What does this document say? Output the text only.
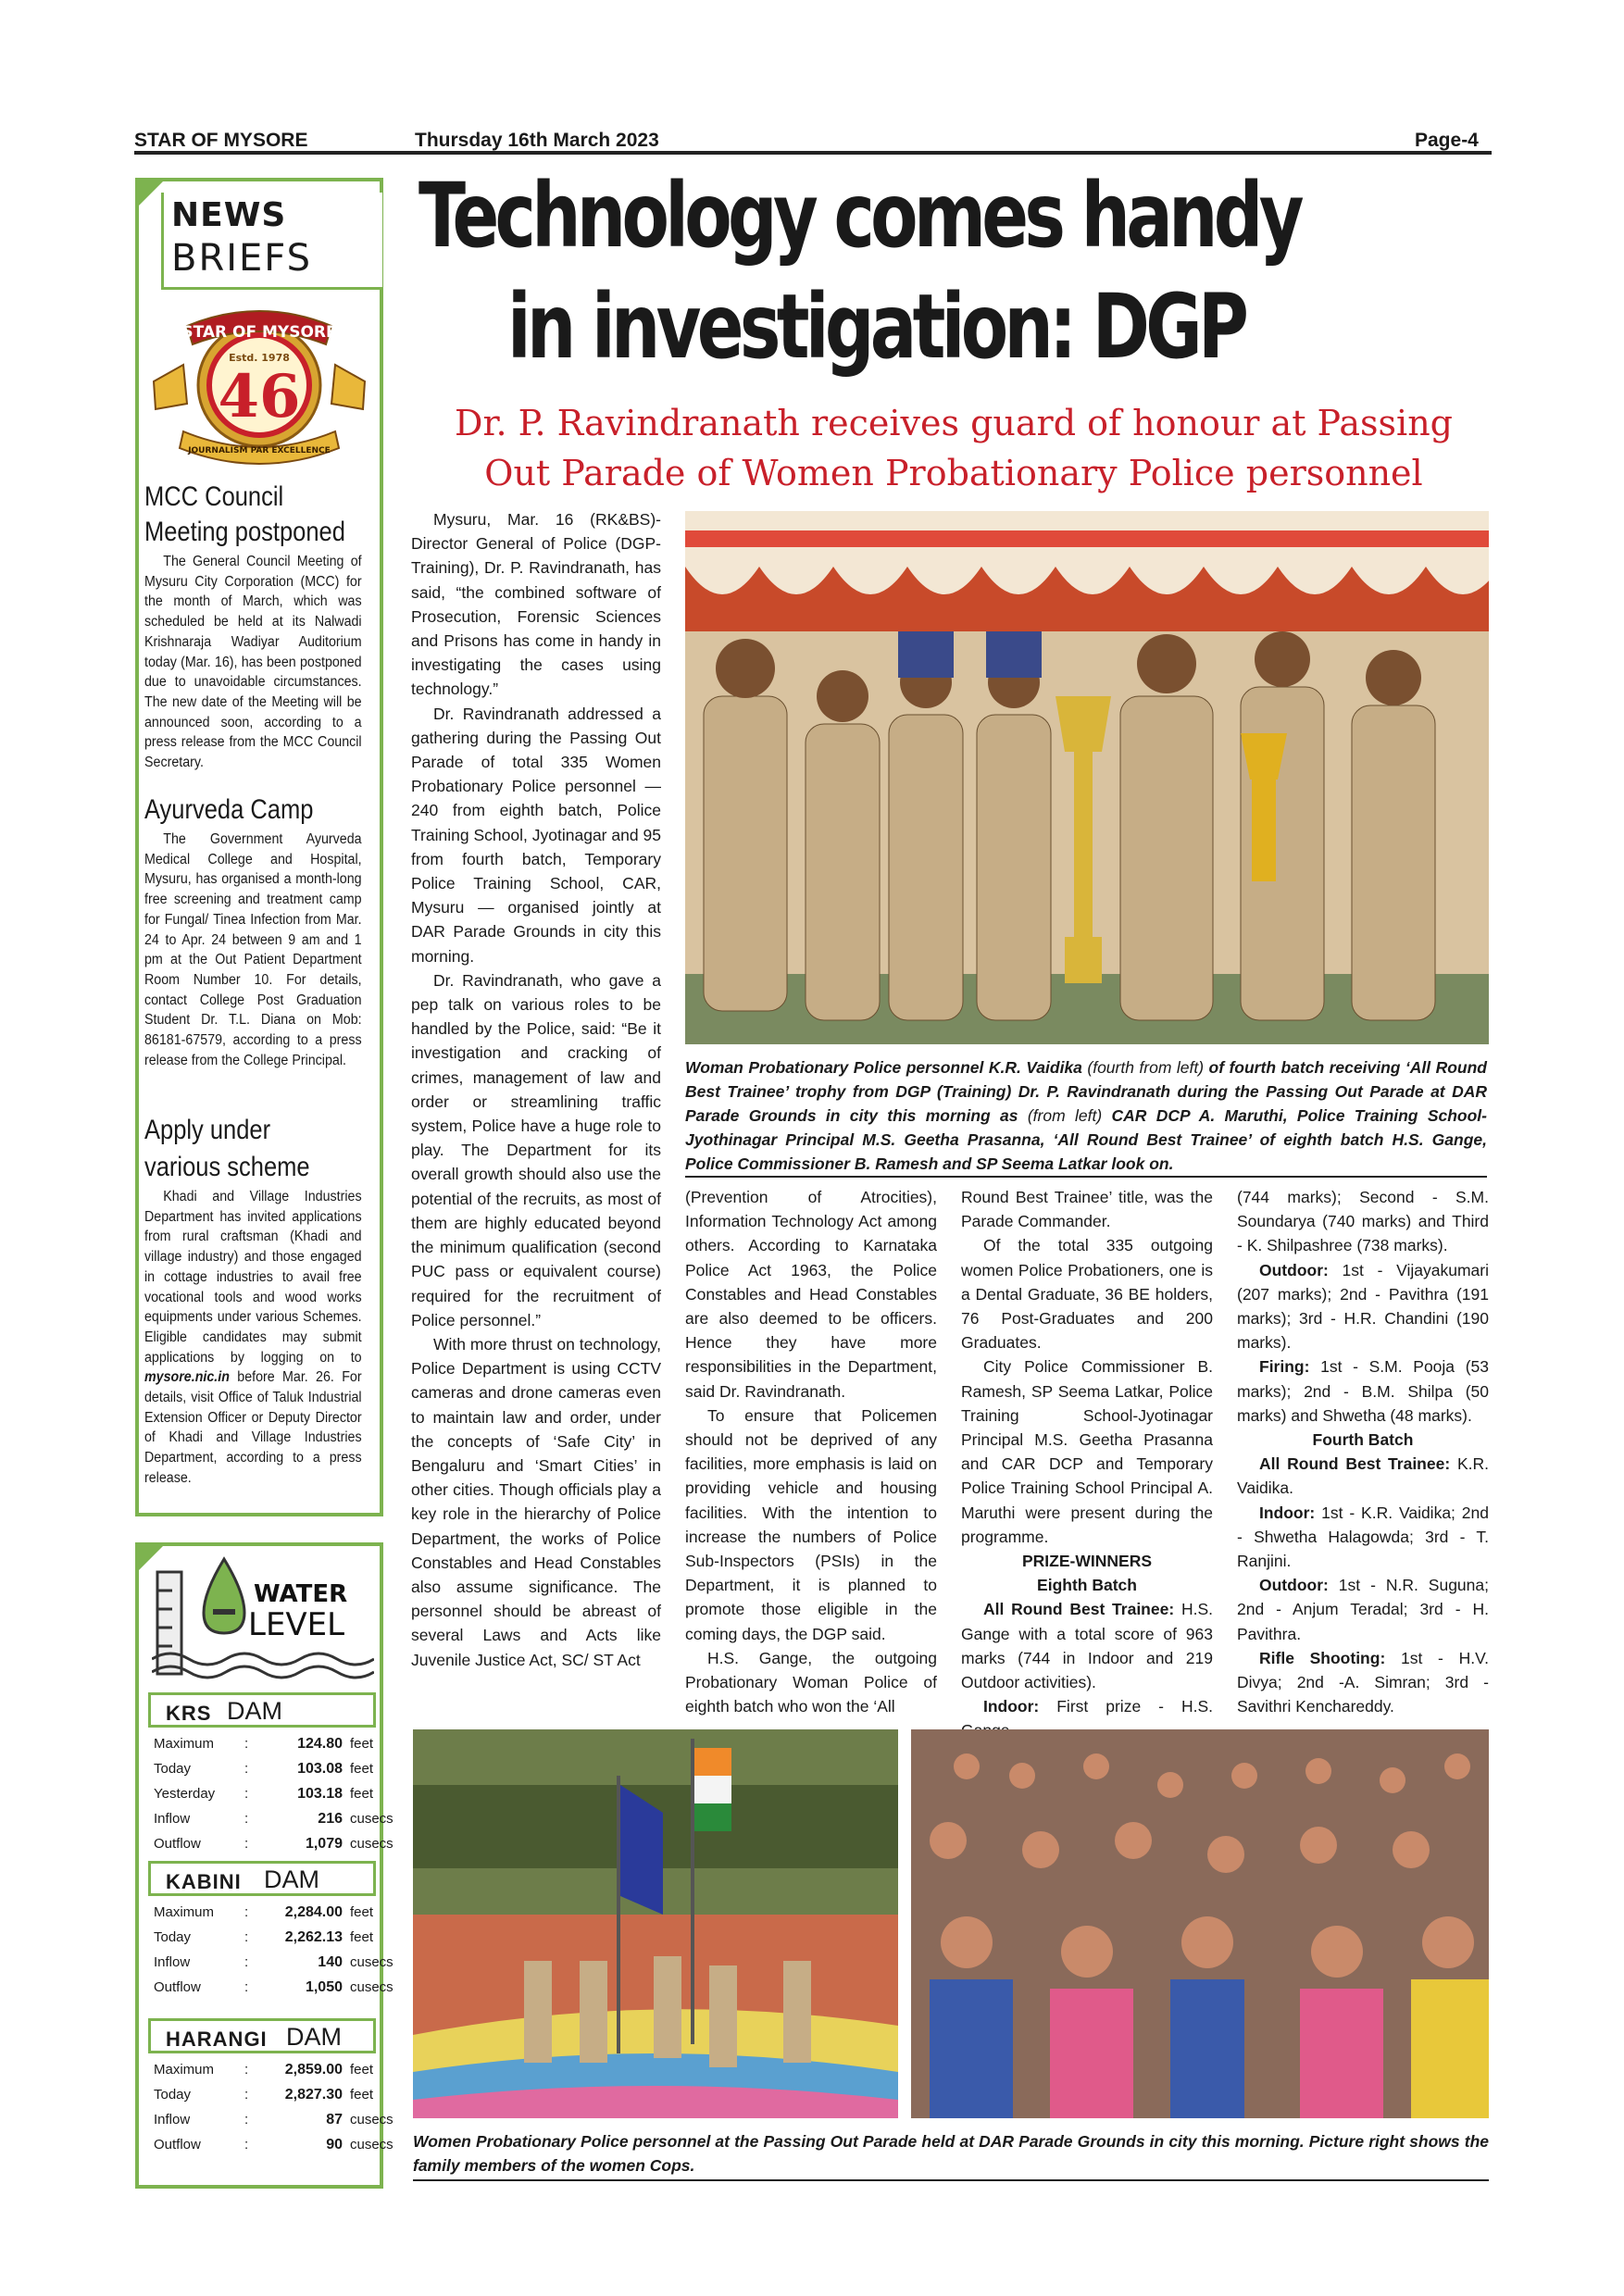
STAR OF MYSORE	Thursday 16th March 2023	Page-4
NEWS
BRIEFS
STAR OF MYSORE
Estd. 1978
46
JOURNALISM PAR EXCELLENCE
MCC Council
Meeting postponed
The General Council Meeting of Mysuru City Corporation (MCC) for the month of March, which was scheduled be held at its Nalwadi Krishnaraja Wadiyar Auditorium today (Mar. 16), has been postponed due to unavoidable circumstances. The new date of the Meeting will be announced soon, according to a press release from the MCC Council Secretary.
Ayurveda Camp
The Government Ayurveda Medical College and Hospital, Mysuru, has organised a month-long free screening and treatment camp for Fungal/ Tinea Infection from Mar. 24 to Apr. 24 between 9 am and 1 pm at the Out Patient Department Room Number 10. For details, contact College Post Graduation Student Dr. T.L. Diana on Mob: 86181-67579, according to a press release from the College Principal.
Apply under
various scheme
Khadi and Village Industries Department has invited applications from rural craftsman (Khadi and village industry) and those engaged in cottage industries to avail free vocational tools and wood works equipments under various Schemes. Eligible candidates may submit applications by logging on to mysore.nic.in before Mar. 26. For details, visit Office of Taluk Industrial Extension Officer or Deputy Director of Khadi and Village Industries Department, according to a press release.
WATER
LEVEL
KRS DAM
Maximum :	124.80 feet
Today	:	103.08 feet
Yesterday :	103.18 feet
Inflow	:	216 cusecs
Outflow	:	1,079 cusecs
KABINI DAM
Maximum :	2,284.00 feet
Today	:	2,262.13 feet
Inflow	:	140 cusecs
Outflow	:	1,050 cusecs
HARANGI DAM
Maximum :	2,859.00 feet
Today	:	2,827.30 feet
Inflow	:	87 cusecs
Outflow	:	90 cusecs
Technology comes handy
in investigation: DGP
Dr. P. Ravindranath receives guard of honour at Passing
Out Parade of Women Probationary Police personnel
Woman Probationary Police personnel K.R. Vaidika (fourth from left) of fourth batch receiving ‘All Round Best Trainee’ trophy from DGP (Training) Dr. P. Ravindranath during the Passing Out Parade at DAR Parade Grounds in city this morning as (from left) CAR DCP A. Maruthi, Police Training School-Jyothinagar Principal M.S. Geetha Prasanna, ‘All Round Best Trainee’ of eighth batch H.S. Gange, Police Commissioner B. Ramesh and SP Seema Latkar look on.

Mysuru, Mar. 16 (RK&BS)- Director General of Police (DGP-Training), Dr. P. Ravindranath, has said, “the combined software of Prosecution, Forensic Sciences and Prisons has come in handy in investigating the cases using technology.”

Dr. Ravindranath addressed a gathering during the Passing Out Parade of total 335 Women Probationary Police personnel — 240 from eighth batch, Police Training School, Jyotinagar and 95 from fourth batch, Temporary Police Training School, CAR, Mysuru — organised jointly at DAR Parade Grounds in city this morning.

Dr. Ravindranath, who gave a pep talk on various roles to be handled by the Police, said: “Be it investigation and cracking of crimes, management of law and order or streamlining traffic system, Police have a huge role to play. The Department for its overall growth should also use the potential of the recruits, as most of them are highly educated beyond the minimum qualification (second PUC pass or equivalent course) required for the recruitment of Police personnel.”

With more thrust on technology, Police Department is using CCTV cameras and drone cameras even to maintain law and order, under the concepts of ‘Safe City’ in Bengaluru and ‘Smart Cities’ in other cities. Though officials play a key role in the hierarchy of Police Department, the works of Police Constables and Head Constables also assume significance. The personnel should be abreast of several Laws and Acts like Juvenile Justice Act, SC/ ST Act

(Prevention of Atrocities), Information Technology Act among others. According to Karnataka Police Act 1963, the Police Constables and Head Constables are also deemed to be officers. Hence they have more responsibilities in the Department, said Dr. Ravindranath.

To ensure that Policemen should not be deprived of any facilities, more emphasis is laid on providing vehicle and housing facilities. With the intention to increase the numbers of Police Sub-Inspectors (PSIs) in the Department, it is planned to promote those eligible in the coming days, the DGP said.

H.S. Gange, the outgoing Probationary Woman Police of eighth batch who won the ‘All

Round Best Trainee’ title, was the Parade Commander.

Of the total 335 outgoing women Police Probationers, one is a Dental Graduate, 36 BE holders, 76 Post-Graduates and 200 Graduates.

City Police Commissioner B. Ramesh, SP Seema Latkar, Police Training School-Jyotinagar Principal M.S. Geetha Prasanna and CAR DCP and Temporary Police Training School Principal A. Maruthi were present during the programme.

PRIZE-WINNERS

Eighth Batch

All Round Best Trainee: H.S. Gange with a total score of 963 marks (744 in Indoor and 219 Outdoor activities).

Indoor: First prize - H.S.

(744 marks); Second - S.M. Soundarya (740 marks) and Third - K. Shilpashree (738 marks).

Outdoor: 1st - Vijayakumari (207 marks); 2nd - Pavithra (191 marks); 3rd - H.R. Chandini (190 marks).

Firing: 1st - S.M. Pooja (53 marks); 2nd - B.M. Shilpa (50 marks) and Shwetha (48 marks).

Fourth Batch

All Round Best Trainee: K.R. Vaidika.

Indoor: 1st - K.R. Vaidika; 2nd - Shwetha Halagowda; 3rd - T. Ranjini.

Outdoor: 1st - N.R. Suguna; 2nd - Anjum Teradal; 3rd - H. Pavithra.

Rifle Shooting: 1st - H.V. Divya; 2nd -A. Simran; 3rd - Savithri Kenchareddy.

Women Probationary Police personnel at the Passing Out Parade held at DAR Parade Grounds in city this morning. Picture right shows the family members of the women Cops.
